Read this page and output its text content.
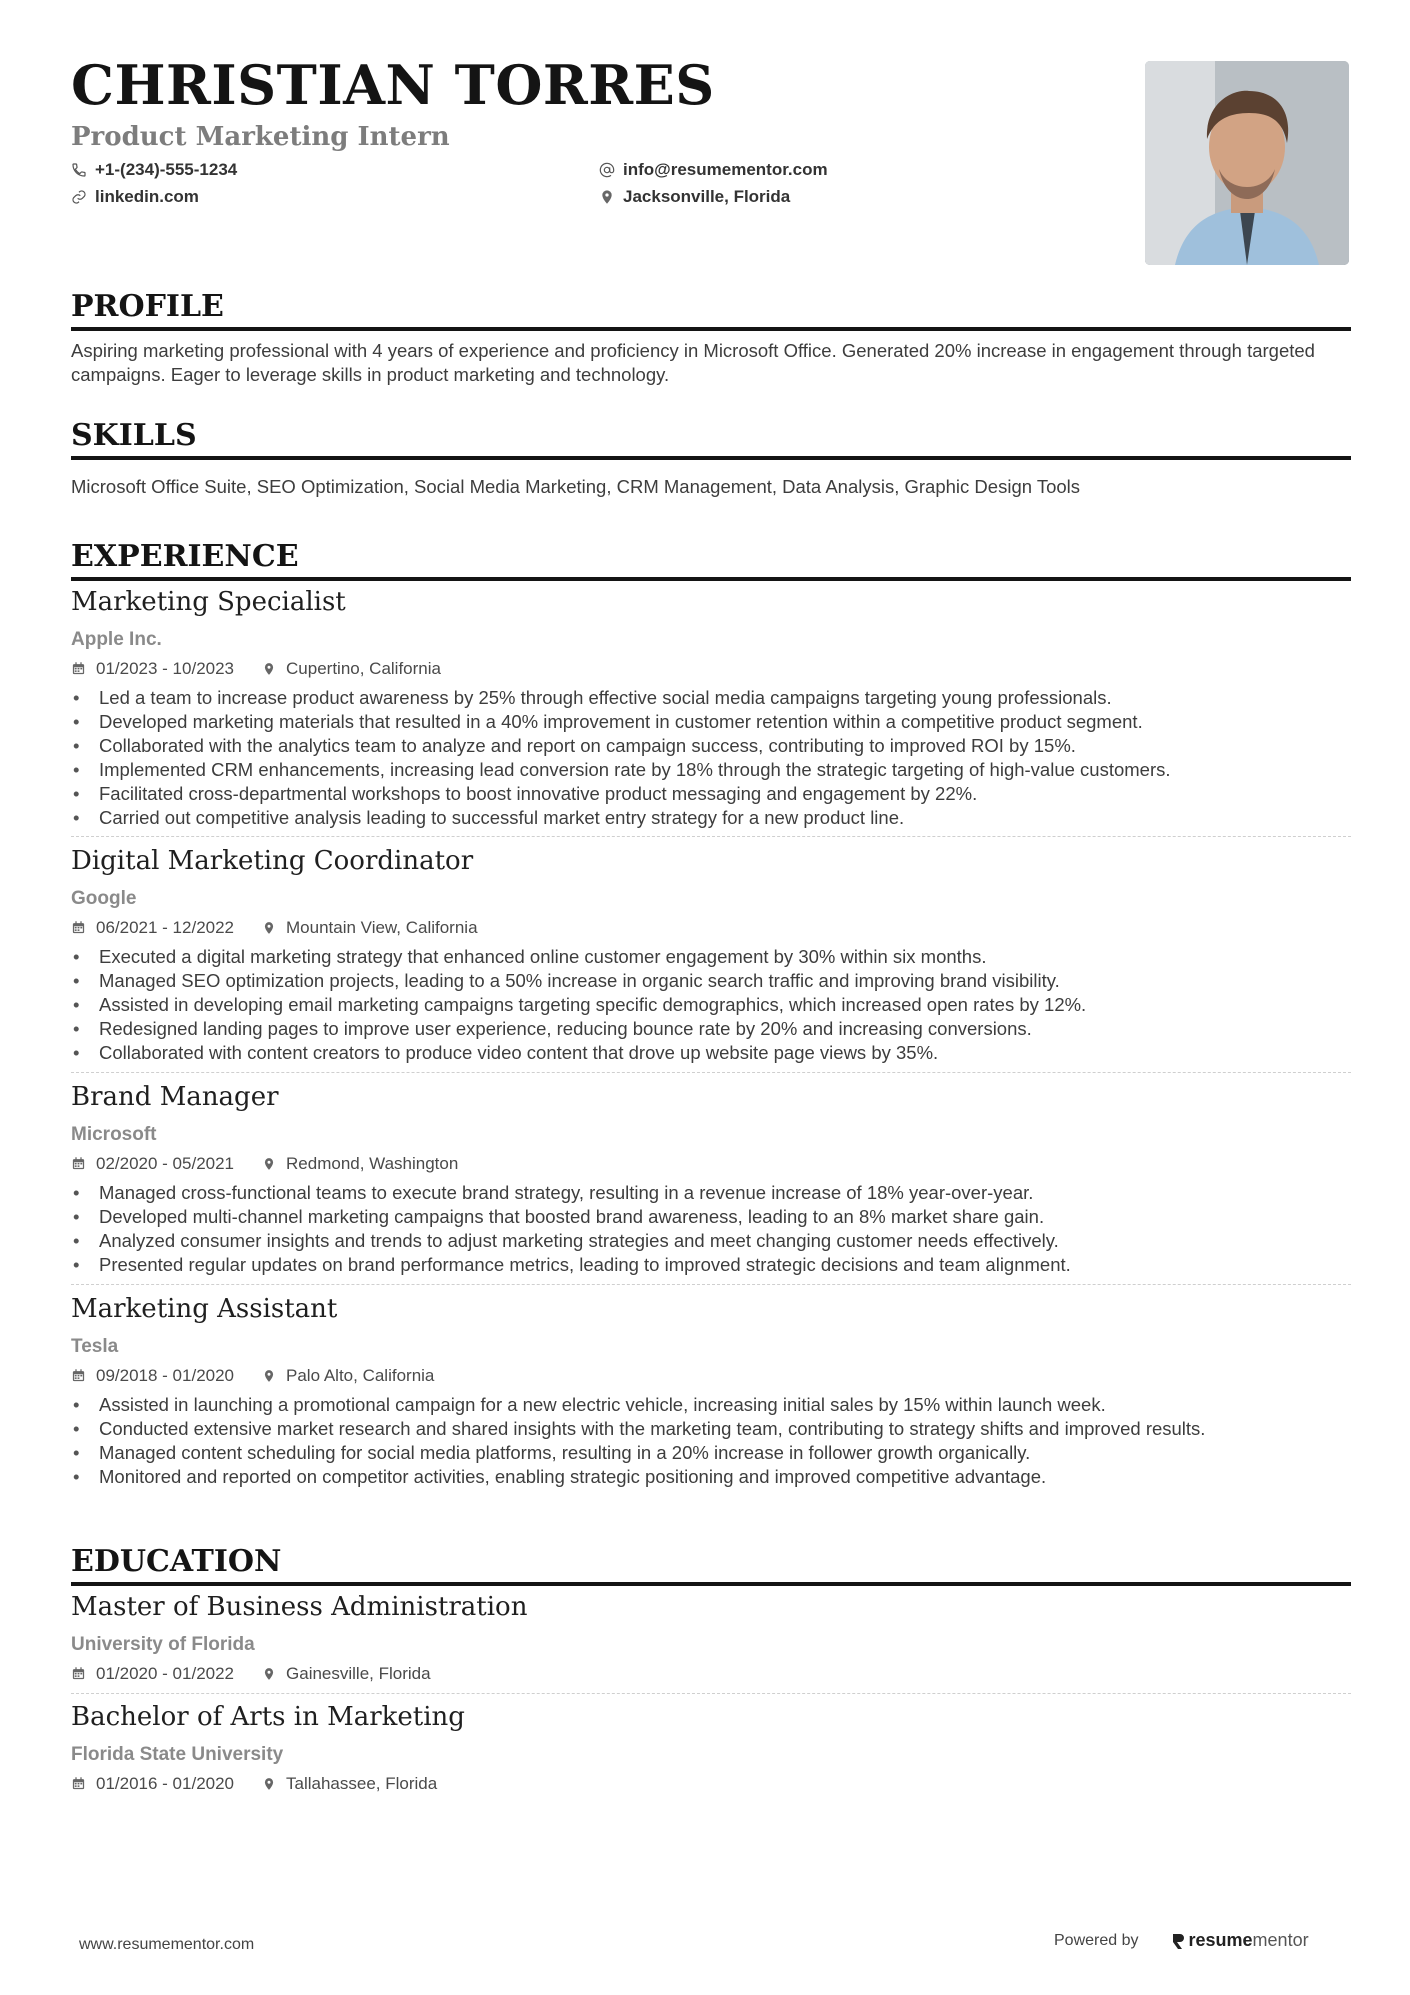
CHRISTIAN TORRES
Product Marketing Intern
+1-(234)-555-1234	info@resumementor.com
linkedin.com	Jacksonville, Florida
PROFILE
Aspiring marketing professional with 4 years of experience and proficiency in Microsoft Office. Generated 20% increase in engagement through targeted campaigns. Eager to leverage skills in product marketing and technology.
SKILLS
Microsoft Office Suite, SEO Optimization, Social Media Marketing, CRM Management, Data Analysis, Graphic Design Tools
EXPERIENCE
Marketing Specialist
Apple Inc.
01/2023 - 10/2023	Cupertino, California
• Led a team to increase product awareness by 25% through effective social media campaigns targeting young professionals.
• Developed marketing materials that resulted in a 40% improvement in customer retention within a competitive product segment.
• Collaborated with the analytics team to analyze and report on campaign success, contributing to improved ROI by 15%.
• Implemented CRM enhancements, increasing lead conversion rate by 18% through the strategic targeting of high-value customers.
• Facilitated cross-departmental workshops to boost innovative product messaging and engagement by 22%.
• Carried out competitive analysis leading to successful market entry strategy for a new product line.
Digital Marketing Coordinator
Google
06/2021 - 12/2022	Mountain View, California
• Executed a digital marketing strategy that enhanced online customer engagement by 30% within six months.
• Managed SEO optimization projects, leading to a 50% increase in organic search traffic and improving brand visibility.
• Assisted in developing email marketing campaigns targeting specific demographics, which increased open rates by 12%.
• Redesigned landing pages to improve user experience, reducing bounce rate by 20% and increasing conversions.
• Collaborated with content creators to produce video content that drove up website page views by 35%.
Brand Manager
Microsoft
02/2020 - 05/2021	Redmond, Washington
• Managed cross-functional teams to execute brand strategy, resulting in a revenue increase of 18% year-over-year.
• Developed multi-channel marketing campaigns that boosted brand awareness, leading to an 8% market share gain.
• Analyzed consumer insights and trends to adjust marketing strategies and meet changing customer needs effectively.
• Presented regular updates on brand performance metrics, leading to improved strategic decisions and team alignment.
Marketing Assistant
Tesla
09/2018 - 01/2020	Palo Alto, California
• Assisted in launching a promotional campaign for a new electric vehicle, increasing initial sales by 15% within launch week.
• Conducted extensive market research and shared insights with the marketing team, contributing to strategy shifts and improved results.
• Managed content scheduling for social media platforms, resulting in a 20% increase in follower growth organically.
• Monitored and reported on competitor activities, enabling strategic positioning and improved competitive advantage.
EDUCATION
Master of Business Administration
University of Florida
01/2020 - 01/2022	Gainesville, Florida
Bachelor of Arts in Marketing
Florida State University
01/2016 - 01/2020	Tallahassee, Florida
www.resumementor.com	Powered by	resume mentor
